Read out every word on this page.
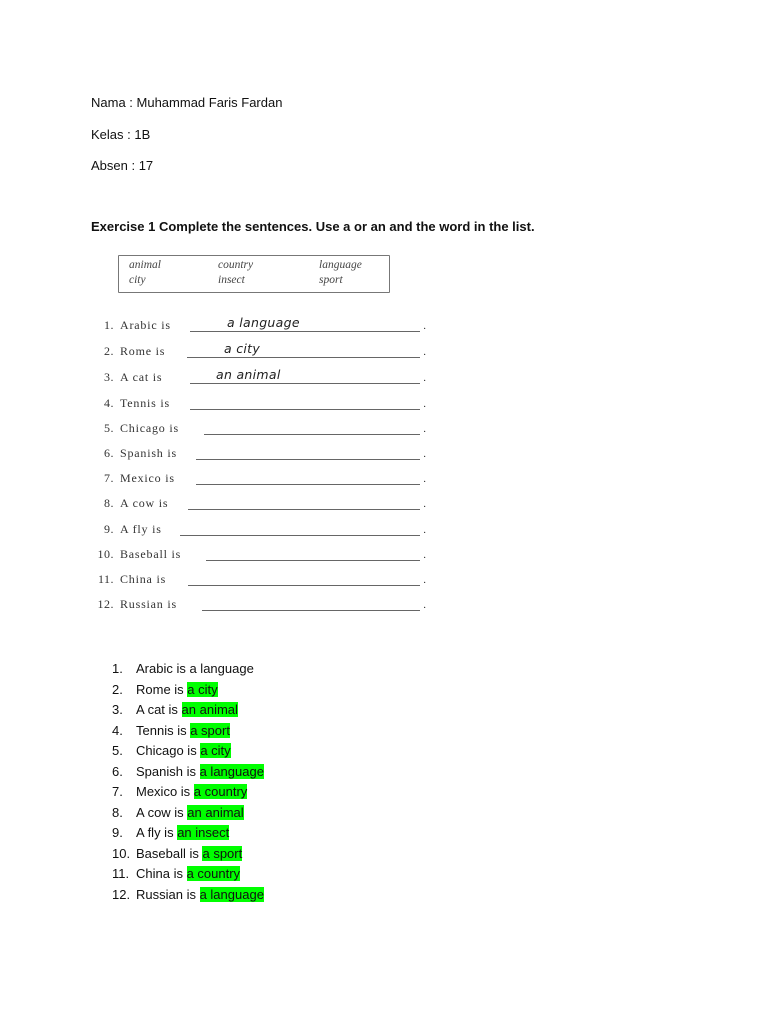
Nama : Muhammad Faris Fardan
Kelas : 1B
Absen : 17
Exercise 1 Complete the sentences. Use a or an and the word in the list.
animal	country	language
city	insect	sport
1. Arabic is	.
a language
2. Rome is	.
a city
3. A cat is	.
an animal
4. Tennis is	.
5. Chicago is	.
6. Spanish is	.
7. Mexico is	.
8. A cow is	.
9. A fly is	.
10. Baseball is	.
11. China is	.
12. Russian is	.
1. Arabic is a language
2. Rome is a city
3. A cat is an animal
4. Tennis is a sport
5. Chicago is a city
6. Spanish is a language
7. Mexico is a country
8. A cow is an animal
9. A fly is an insect
10. Baseball is a sport
11. China is a country
12. Russian is a language
